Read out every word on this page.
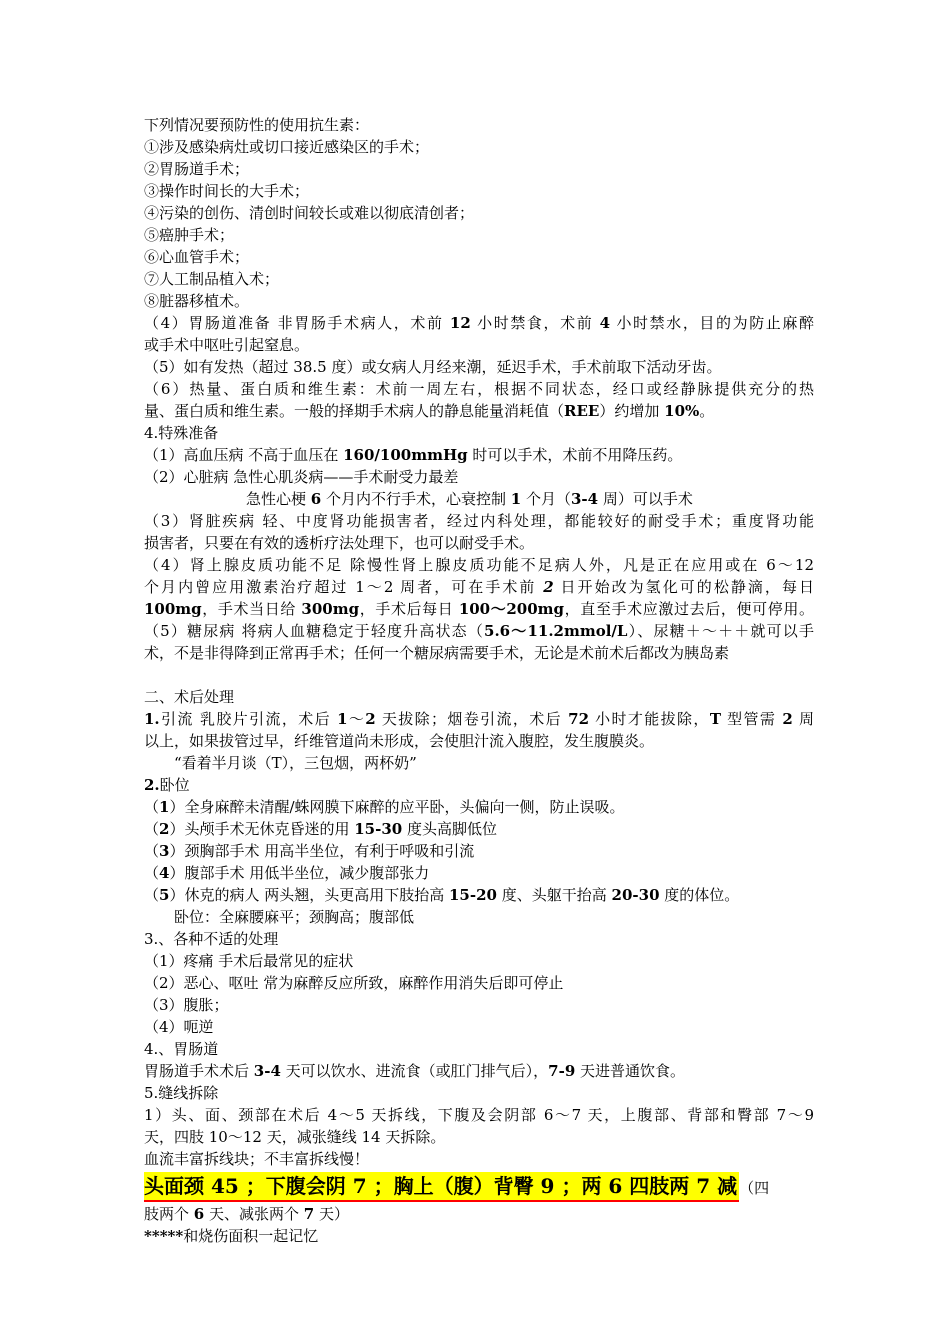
下列情况要预防性的使用抗生素：
①涉及感染病灶或切口接近感染区的手术；
②胃肠道手术；
③操作时间长的大手术；
④污染的创伤、清创时间较长或难以彻底清创者；
⑤癌肿手术；
⑥心血管手术；
⑦人工制品植入术；
⑧脏器移植术。
（4）胃肠道准备 非胃肠手术病人，术前 12 小时禁食，术前 4 小时禁水，目的为防止麻醉
或手术中呕吐引起窒息。
（5）如有发热（超过 38.5 度）或女病人月经来潮，延迟手术，手术前取下活动牙齿。
（6）热量、蛋白质和维生素：术前一周左右，根据不同状态，经口或经静脉提供充分的热
量、蛋白质和维生素。一般的择期手术病人的静息能量消耗值（REE）约增加 10%。
4.特殊准备
（1）高血压病 不高于血压在 160/100mmHg 时可以手术，术前不用降压药。
（2）心脏病 急性心肌炎病——手术耐受力最差
急性心梗 6 个月内不行手术，心衰控制 1 个月（3-4 周）可以手术
（3）肾脏疾病 轻、中度肾功能损害者，经过内科处理，都能较好的耐受手术；重度肾功能
损害者，只要在有效的透析疗法处理下，也可以耐受手术。
（4）肾上腺皮质功能不足 除慢性肾上腺皮质功能不足病人外，凡是正在应用或在 6～12
个月内曾应用激素治疗超过 1～2 周者，可在手术前 2 日开始改为氢化可的松静滴，每日
100mg，手术当日给 300mg，手术后每日 100～200mg，直至手术应激过去后，便可停用。
（5）糖尿病 将病人血糖稳定于轻度升高状态（5.6～11.2mmol/L）、尿糖＋～＋＋就可以手
术，不是非得降到正常再手术；任何一个糖尿病需要手术，无论是术前术后都改为胰岛素
二、术后处理
1.引流 乳胶片引流，术后 1～2 天拔除；烟卷引流，术后 72 小时才能拔除，T 型管需 2 周
以上，如果拔管过早，纤维管道尚未形成，会使胆汁流入腹腔，发生腹膜炎。
“看着半月谈（T），三包烟，两杯奶”
2.卧位
（1）全身麻醉未清醒/蛛网膜下麻醉的应平卧，头偏向一侧，防止误吸。
（2）头颅手术无休克昏迷的用 15-30 度头高脚低位
（3）颈胸部手术 用高半坐位，有利于呼吸和引流
（4）腹部手术 用低半坐位，减少腹部张力
（5）休克的病人 两头翘，头更高用下肢抬高 15-20 度、头躯干抬高 20-30 度的体位。
卧位：全麻腰麻平；颈胸高；腹部低
3.、各种不适的处理
（1）疼痛 手术后最常见的症状
（2）恶心、呕吐 常为麻醉反应所致，麻醉作用消失后即可停止
（3）腹胀；
（4）呃逆
4.、胃肠道
胃肠道手术术后 3-4 天可以饮水、进流食（或肛门排气后），7-9 天进普通饮食。
5.缝线拆除
1）头、面、颈部在术后 4～5 天拆线，下腹及会阴部 6～7 天，上腹部、背部和臀部 7～9
天，四肢 10～12 天，减张缝线 14 天拆除。
血流丰富拆线块；不丰富拆线慢！
头面颈 45 ；下腹会阴 7 ；胸上（腹）背臀 9 ；两 6 四肢两 7 减 （四
肢两个 6 天、减张两个 7 天）
*****和烧伤面积一起记忆
